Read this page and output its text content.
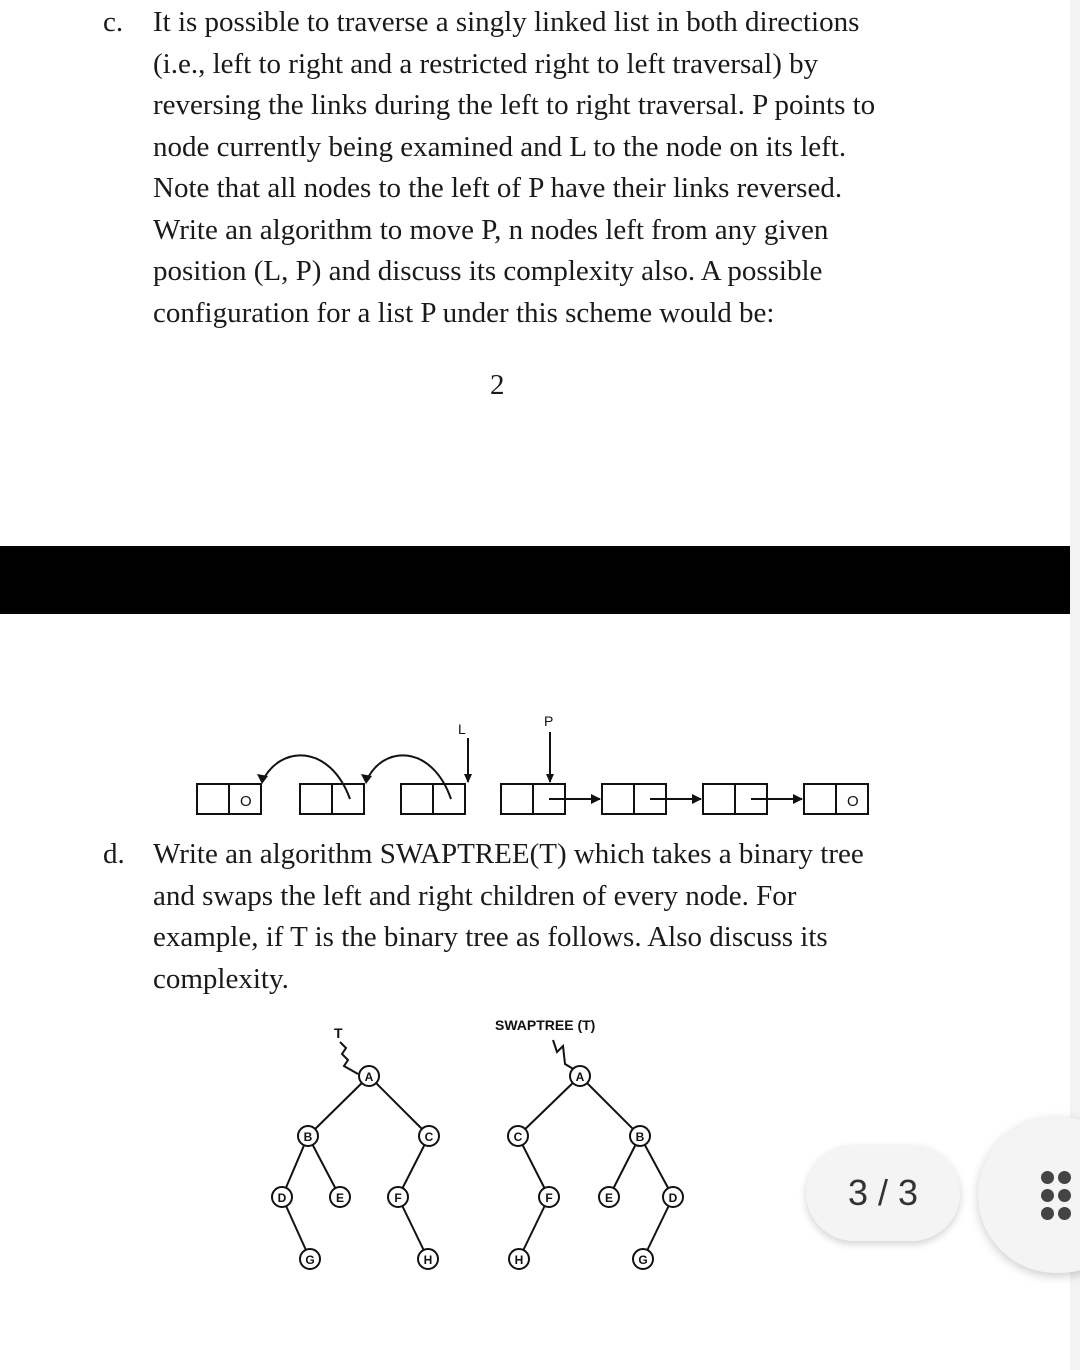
c. It is possible to traverse a singly linked list in both directions

(i.e., left to right and a restricted right to left traversal) by

reversing the links during the left to right traversal. P points to

node currently being examined and L to the node on its left.

Note that all nodes to the left of P have their links reversed.

Write an algorithm to move P, n nodes left from any given

position (L, P) and discuss its complexity also. A possible

configuration for a list P under this scheme would be:

2
L	P
O	O
d. Write an algorithm SWAPTREE(T) which takes a binary tree

and swaps the left and right children of every node. For

example, if T is the binary tree as follows. Also discuss its

complexity.

T	SWAPTREE (T)
A
B	C
D	E	F
G	H
A
C	B
F	E	D
H	G
3 / 3
